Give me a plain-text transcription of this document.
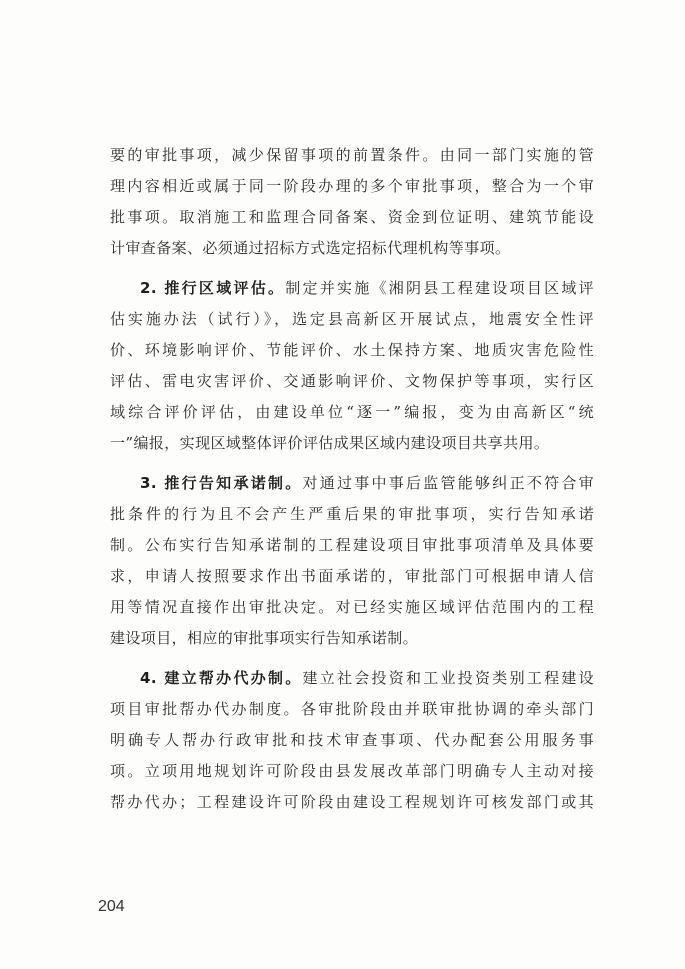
要的审批事项，减少保留事项的前置条件。由同一部门实施的管
理内容相近或属于同一阶段办理的多个审批事项，整合为一个审
批事项。取消施工和监理合同备案、资金到位证明、建筑节能设
计审查备案、必须通过招标方式选定招标代理机构等事项。
2. 推行区域评估。制定并实施《湘阴县工程建设项目区域评
估实施办法（试行）》，选定县高新区开展试点，地震安全性评
价、环境影响评价、节能评价、水土保持方案、地质灾害危险性
评估、雷电灾害评价、交通影响评价、文物保护等事项，实行区
域综合评价评估，由建设单位“逐一”编报，变为由高新区“统
一”编报，实现区域整体评价评估成果区域内建设项目共享共用。
3. 推行告知承诺制。对通过事中事后监管能够纠正不符合审
批条件的行为且不会产生严重后果的审批事项，实行告知承诺
制。公布实行告知承诺制的工程建设项目审批事项清单及具体要
求，申请人按照要求作出书面承诺的，审批部门可根据申请人信
用等情况直接作出审批决定。对已经实施区域评估范围内的工程
建设项目，相应的审批事项实行告知承诺制。
4. 建立帮办代办制。建立社会投资和工业投资类别工程建设
项目审批帮办代办制度。各审批阶段由并联审批协调的牵头部门
明确专人帮办行政审批和技术审查事项、代办配套公用服务事
项。立项用地规划许可阶段由县发展改革部门明确专人主动对接
帮办代办；工程建设许可阶段由建设工程规划许可核发部门或其
204
